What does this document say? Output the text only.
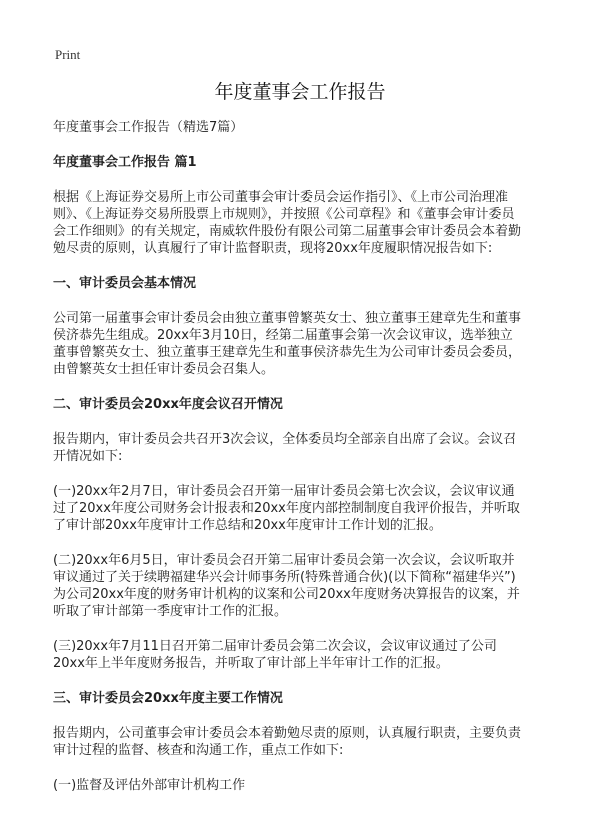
Print
年度董事会工作报告

年度董事会工作报告（精选7篇）

年度董事会工作报告 篇1

根据《上海证券交易所上市公司董事会审计委员会运作指引》、《上市公司治理准则》、《上海证券交易所股票上市规则》，并按照《公司章程》和《董事会审计委员会工作细则》的有关规定，南威软件股份有限公司第二届董事会审计委员会本着勤勉尽责的原则，认真履行了审计监督职责，现将20xx年度履职情况报告如下:

一、审计委员会基本情况

公司第一届董事会审计委员会由独立董事曾繁英女士、独立董事王建章先生和董事侯济恭先生组成。20xx年3月10日，经第二届董事会第一次会议审议，选举独立董事曾繁英女士、独立董事王建章先生和董事侯济恭先生为公司审计委员会委员，由曾繁英女士担任审计委员会召集人。

二、审计委员会20xx年度会议召开情况

报告期内，审计委员会共召开3次会议，全体委员均全部亲自出席了会议。会议召开情况如下:

(一)20xx年2月7日，审计委员会召开第一届审计委员会第七次会议，会议审议通过了20xx年度公司财务会计报表和20xx年度内部控制制度自我评价报告，并听取了审计部20xx年度审计工作总结和20xx年度审计工作计划的汇报。

(二)20xx年6月5日，审计委员会召开第二届审计委员会第一次会议，会议听取并审议通过了关于续聘福建华兴会计师事务所(特殊普通合伙)(以下简称“福建华兴”)为公司20xx年度的财务审计机构的议案和公司20xx年度财务决算报告的议案，并听取了审计部第一季度审计工作的汇报。

(三)20xx年7月11日召开第二届审计委员会第二次会议，会议审议通过了公司20xx年上半年度财务报告，并听取了审计部上半年审计工作的汇报。

三、审计委员会20xx年度主要工作情况

报告期内，公司董事会审计委员会本着勤勉尽责的原则，认真履行职责，主要负责审计过程的监督、核查和沟通工作，重点工作如下:

(一)监督及评估外部审计机构工作
